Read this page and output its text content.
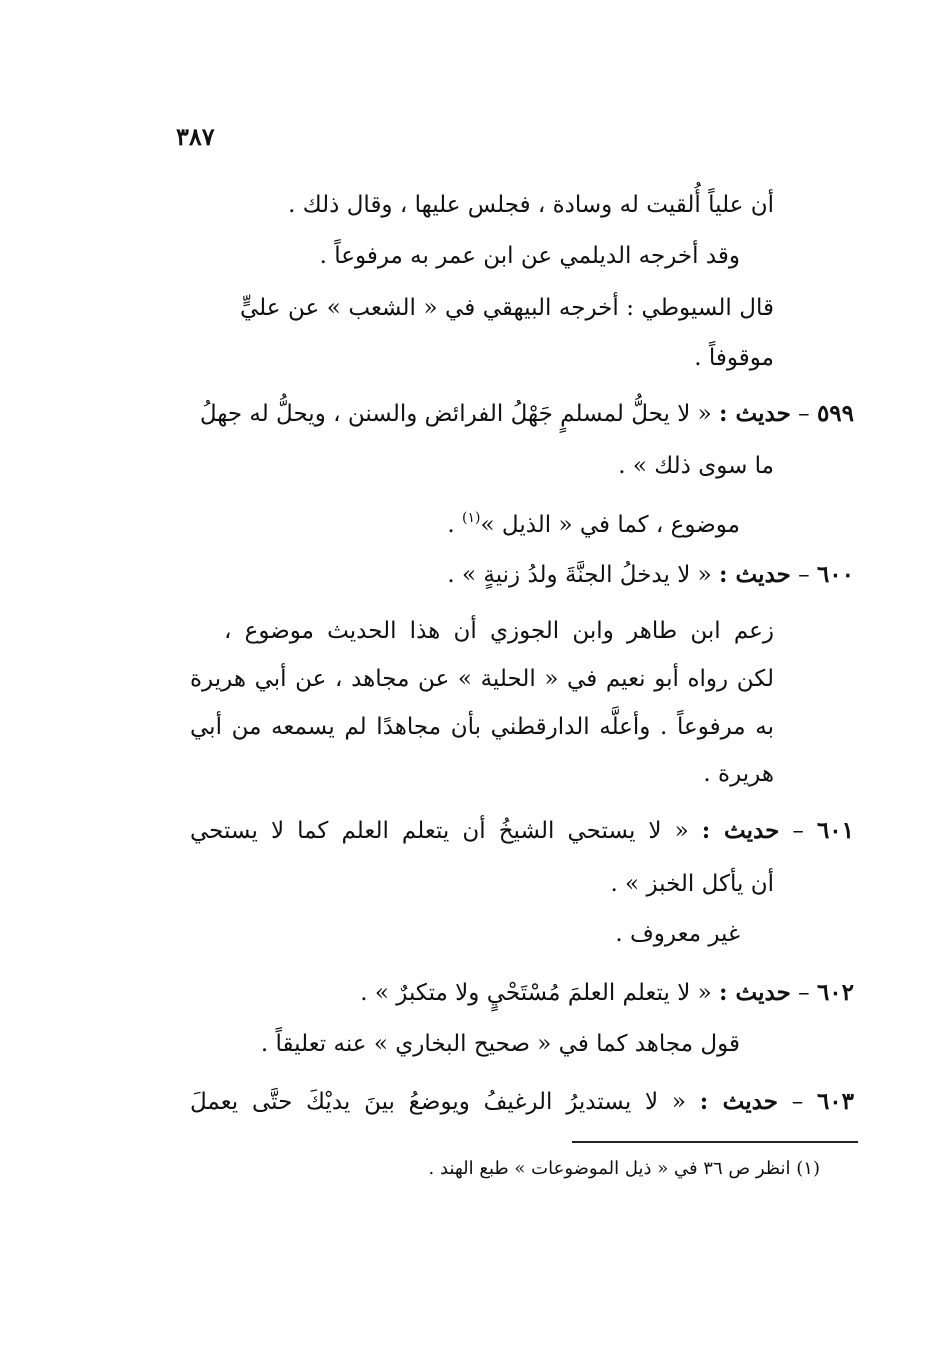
٣٨٧
أن علياً أُلقيت له وسادة ، فجلس عليها ، وقال ذلك .
وقد أخرجه الديلمي عن ابن عمر به مرفوعاً .
قال السيوطي : أخرجه البيهقي في « الشعب » عن عليٍّ
موقوفاً .
٥٩٩ – حديث : « لا يحلُّ لمسلمٍ جَهْلُ الفرائض والسنن ، ويحلُّ له جهلُ
ما سوى ذلك » .
موضوع ، كما في « الذيل »$^{(١)}$ .
٦٠٠ – حديث : « لا يدخلُ الجنَّةَ ولدُ زنيةٍ » .
زعم ابن طاهر وابن الجوزي أن هذا الحديث موضوع ،
لكن رواه أبو نعيم في « الحلية » عن مجاهد ، عن أبي هريرة
به مرفوعاً . وأعلَّه الدارقطني بأن مجاهدًا لم يسمعه من أبي
هريرة .
٦٠١ – حديث : « لا يستحي الشيخُ أن يتعلم العلم كما لا يستحي
أن يأكل الخبز » .
غير معروف .
٦٠٢ – حديث : « لا يتعلم العلمَ مُسْتَحْيٍ ولا متكبرٌ » .
قول مجاهد كما في « صحيح البخاري » عنه تعليقاً .
٦٠٣ – حديث : « لا يستديرُ الرغيفُ ويوضعُ بينَ يديْكَ حتَّى يعملَ
(١) انظر ص ٣٦ في « ذيل الموضوعات » طبع الهند .
